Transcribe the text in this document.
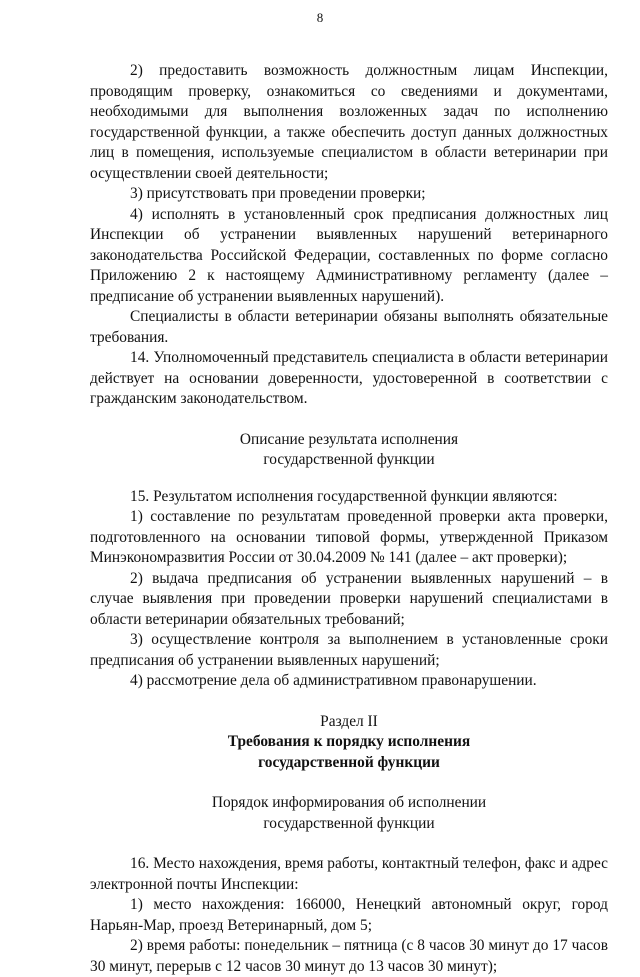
8

2) предоставить возможность должностным лицам Инспекции, проводящим проверку, ознакомиться со сведениями и документами, необходимыми для выполнения возложенных задач по исполнению государственной функции, а также обеспечить доступ данных должностных лиц в помещения, используемые специалистом в области ветеринарии при осуществлении своей деятельности;

3) присутствовать при проведении проверки;

4) исполнять в установленный срок предписания должностных лиц Инспекции об устранении выявленных нарушений ветеринарного законодательства Российской Федерации, составленных по форме согласно Приложению 2 к настоящему Административному регламенту (далее – предписание об устранении выявленных нарушений).

Специалисты в области ветеринарии обязаны выполнять обязательные требования.

14. Уполномоченный представитель специалиста в области ветеринарии действует на основании доверенности, удостоверенной в соответствии с гражданским законодательством.

Описание результата исполнения

государственной функции

15. Результатом исполнения государственной функции являются:

1) составление по результатам проведенной проверки акта проверки, подготовленного на основании типовой формы, утвержденной Приказом Минэкономразвития России от 30.04.2009 № 141 (далее – акт проверки);

2) выдача предписания об устранении выявленных нарушений – в случае выявления при проведении проверки нарушений специалистами в области ветеринарии обязательных требований;

3) осуществление контроля за выполнением в установленные сроки предписания об устранении выявленных нарушений;

4) рассмотрение дела об административном правонарушении.

Раздел II

Требования к порядку исполнения

государственной функции

Порядок информирования об исполнении

государственной функции

16. Место нахождения, время работы, контактный телефон, факс и адрес электронной почты Инспекции:

1) место нахождения: 166000, Ненецкий автономный округ, город Нарьян-Мар, проезд Ветеринарный, дом 5;

2) время работы: понедельник – пятница (с 8 часов 30 минут до 17 часов 30 минут, перерыв с 12 часов 30 минут до 13 часов 30 минут);
